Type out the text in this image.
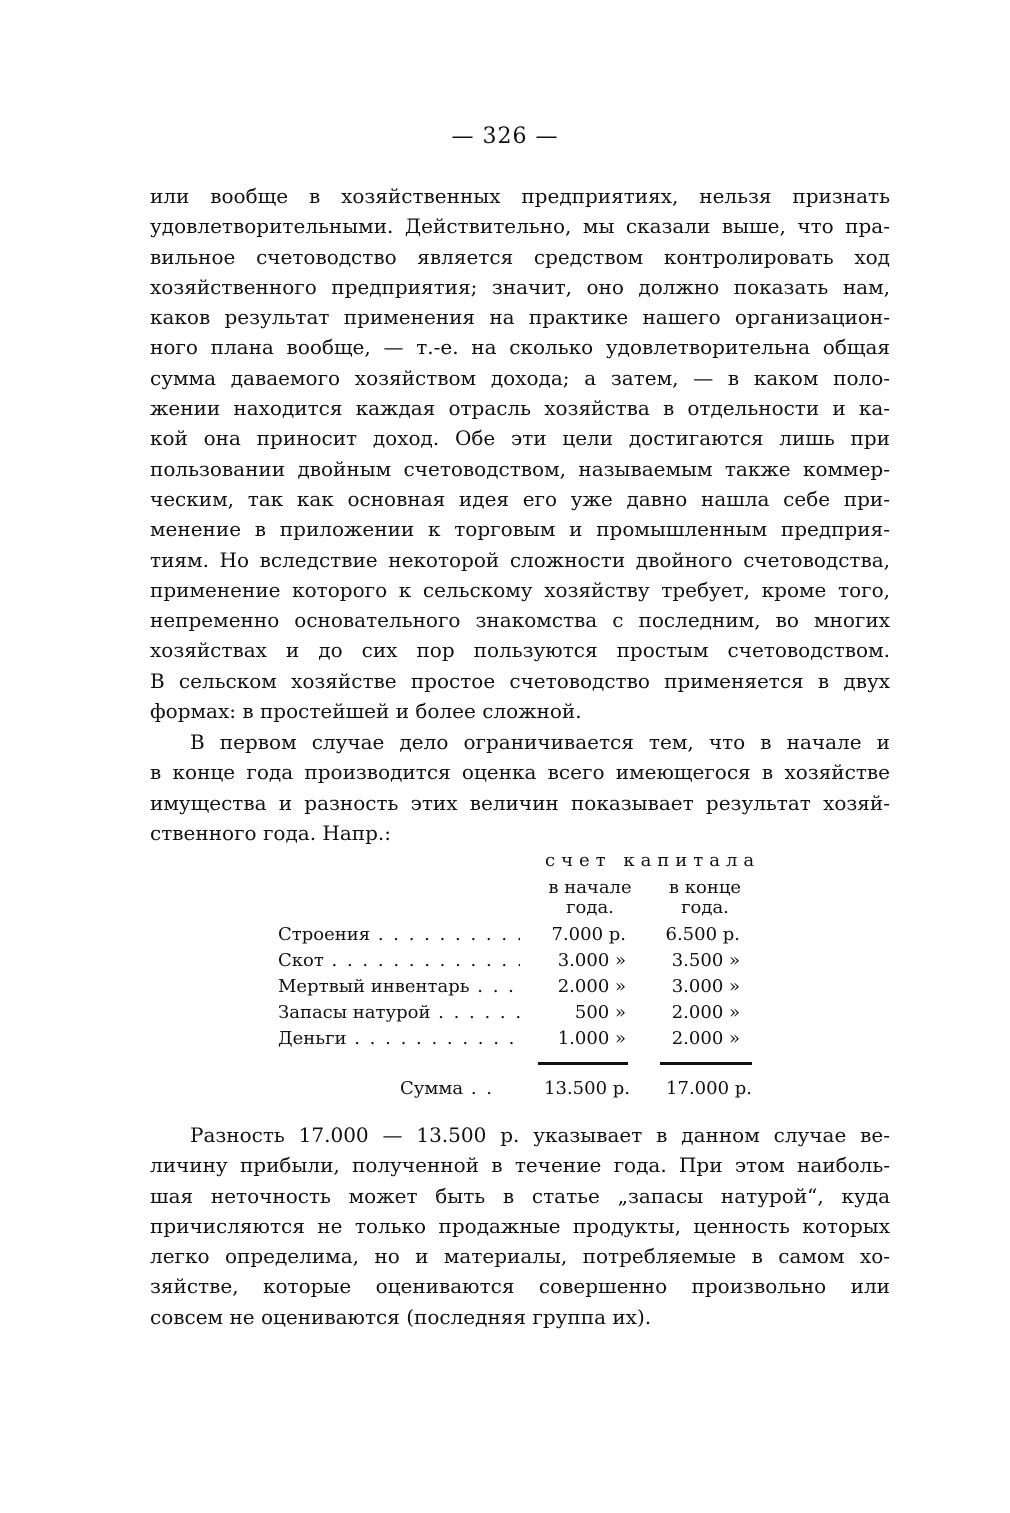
— 326 —
или вообще в хозяйственных предприятиях, нельзя признать
удовлетворительными. Действительно, мы сказали выше, что пра-
вильное счетоводство является средством контролировать ход
хозяйственного предприятия; значит, оно должно показать нам,
каков результат применения на практике нашего организацион-
ного плана вообще, — т.-е. на сколько удовлетворительна общая
сумма даваемого хозяйством дохода; а затем, — в каком поло-
жении находится каждая отрасль хозяйства в отдельности и ка-
кой она приносит доход. Обе эти цели достигаются лишь при
пользовании двойным счетоводством, называемым также коммер-
ческим, так как основная идея его уже давно нашла себе при-
менение в приложении к торговым и промышленным предприя-
тиям. Но вследствие некоторой сложности двойного счетоводства,
применение которого к сельскому хозяйству требует, кроме того,
непременно основательного знакомства с последним, во многих
хозяйствах и до сих пор пользуются простым счетоводством.
В сельском хозяйстве простое счетоводство применяется в двух
формах: в простейшей и более сложной.
В первом случае дело ограничивается тем, что в начале и
в конце года производится оценка всего имеющегося в хозяйстве
имущества и разность этих величин показывает результат хозяй-
ственного года. Напр.:
счет капитала
в начале года.
в конце года.
Строения . . .	7.000 р.	6.500 р.
Скот . . .	3.000 »	3.500 »
Мертвый инвентарь . . .	2.000 »	3.000 »
Запасы натурой . . .	500 »	2.000 »
Деньги . . .	1.000 »	2.000 »
Сумма . .	13.500 р.	17.000 р.
Разность 17.000 — 13.500 р. указывает в данном случае ве-
личину прибыли, полученной в течение года. При этом наиболь-
шая неточность может быть в статье „запасы натурой“, куда
причисляются не только продажные продукты, ценность которых
легко определима, но и материалы, потребляемые в самом хо-
зяйстве, которые оцениваются совершенно произвольно или
совсем не оцениваются (последняя группа их).
